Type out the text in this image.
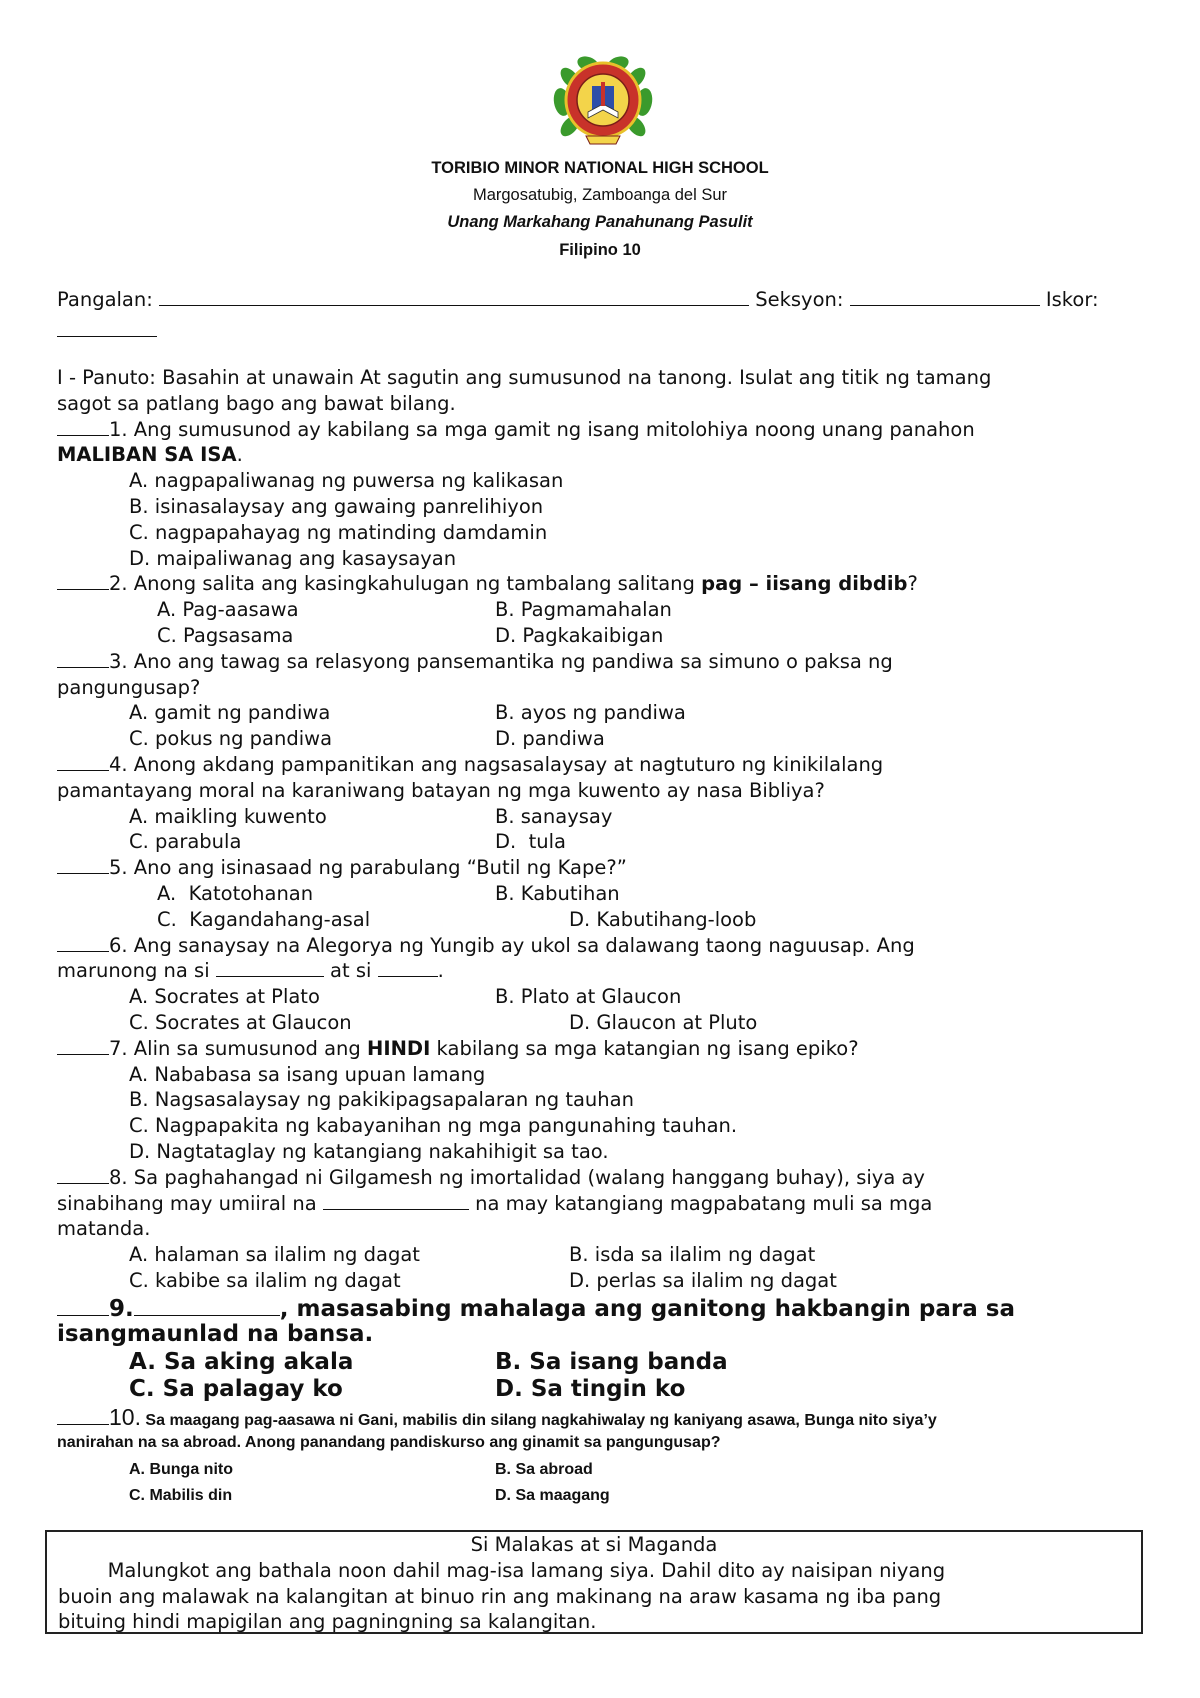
TORIBIO MINOR NATIONAL HIGH SCHOOL
Margosatubig, Zamboanga del Sur
Unang Markahang Panahunang Pasulit
Filipino 10
Pangalan:	Seksyon:	Iskor:
I - Panuto: Basahin at unawain At sagutin ang sumusunod na tanong. Isulat ang titik ng tamang
sagot sa patlang bago ang bawat bilang.
1. Ang sumusunod ay kabilang sa mga gamit ng isang mitolohiya noong unang panahon
MALIBAN SA ISA.
A. nagpapaliwanag ng puwersa ng kalikasan
B. isinasalaysay ang gawaing panrelihiyon
C. nagpapahayag ng matinding damdamin
D. maipaliwanag ang kasaysayan
2. Anong salita ang kasingkahulugan ng tambalang salitang pag – iisang dibdib?
A. Pag-aasawa	B. Pagmamahalan
C. Pagsasama	D. Pagkakaibigan
3. Ano ang tawag sa relasyong pansemantika ng pandiwa sa simuno o paksa ng
pangungusap?
A. gamit ng pandiwa	B. ayos ng pandiwa
C. pokus ng pandiwa	D. pandiwa
4. Anong akdang pampanitikan ang nagsasalaysay at nagtuturo ng kinikilalang
pamantayang moral na karaniwang batayan ng mga kuwento ay nasa Bibliya?
A. maikling kuwento	B. sanaysay
C. parabula	D.  tula
5. Ano ang isinasaad ng parabulang “Butil ng Kape?”
A.  Katotohanan	B. Kabutihan
C.  Kagandahang-asal	D. Kabutihang-loob
6. Ang sanaysay na Alegorya ng Yungib ay ukol sa dalawang taong naguusap. Ang
marunong na si	at si	.
A. Socrates at Plato	B. Plato at Glaucon
C. Socrates at Glaucon	D. Glaucon at Pluto
7. Alin sa sumusunod ang HINDI kabilang sa mga katangian ng isang epiko?
A. Nababasa sa isang upuan lamang
B. Nagsasalaysay ng pakikipagsapalaran ng tauhan
C. Nagpapakita ng kabayanihan ng mga pangunahing tauhan.
D. Nagtataglay ng katangiang nakahihigit sa tao.
8. Sa paghahangad ni Gilgamesh ng imortalidad (walang hanggang buhay), siya ay
sinabihang may umiiral na	na may katangiang magpabatang muli sa mga
matanda.
A. halaman sa ilalim ng dagat	B. isda sa ilalim ng dagat
C. kabibe sa ilalim ng dagat	D. perlas sa ilalim ng dagat
9.	, masasabing mahalaga ang ganitong hakbangin para sa
isangmaunlad na bansa.
A. Sa aking akala	B. Sa isang banda
C. Sa palagay ko	D. Sa tingin ko
10. Sa maagang pag-aasawa ni Gani, mabilis din silang nagkahiwalay ng kaniyang asawa, Bunga nito siya’y
nanirahan na sa abroad. Anong panandang pandiskurso ang ginamit sa pangungusap?
A. Bunga nito	B. Sa abroad
C. Mabilis din	D. Sa maagang
Si Malakas at si Maganda
Malungkot ang bathala noon dahil mag-isa lamang siya. Dahil dito ay naisipan niyang
buoin ang malawak na kalangitan at binuo rin ang makinang na araw kasama ng iba pang
bituing hindi mapigilan ang pagningning sa kalangitan.
